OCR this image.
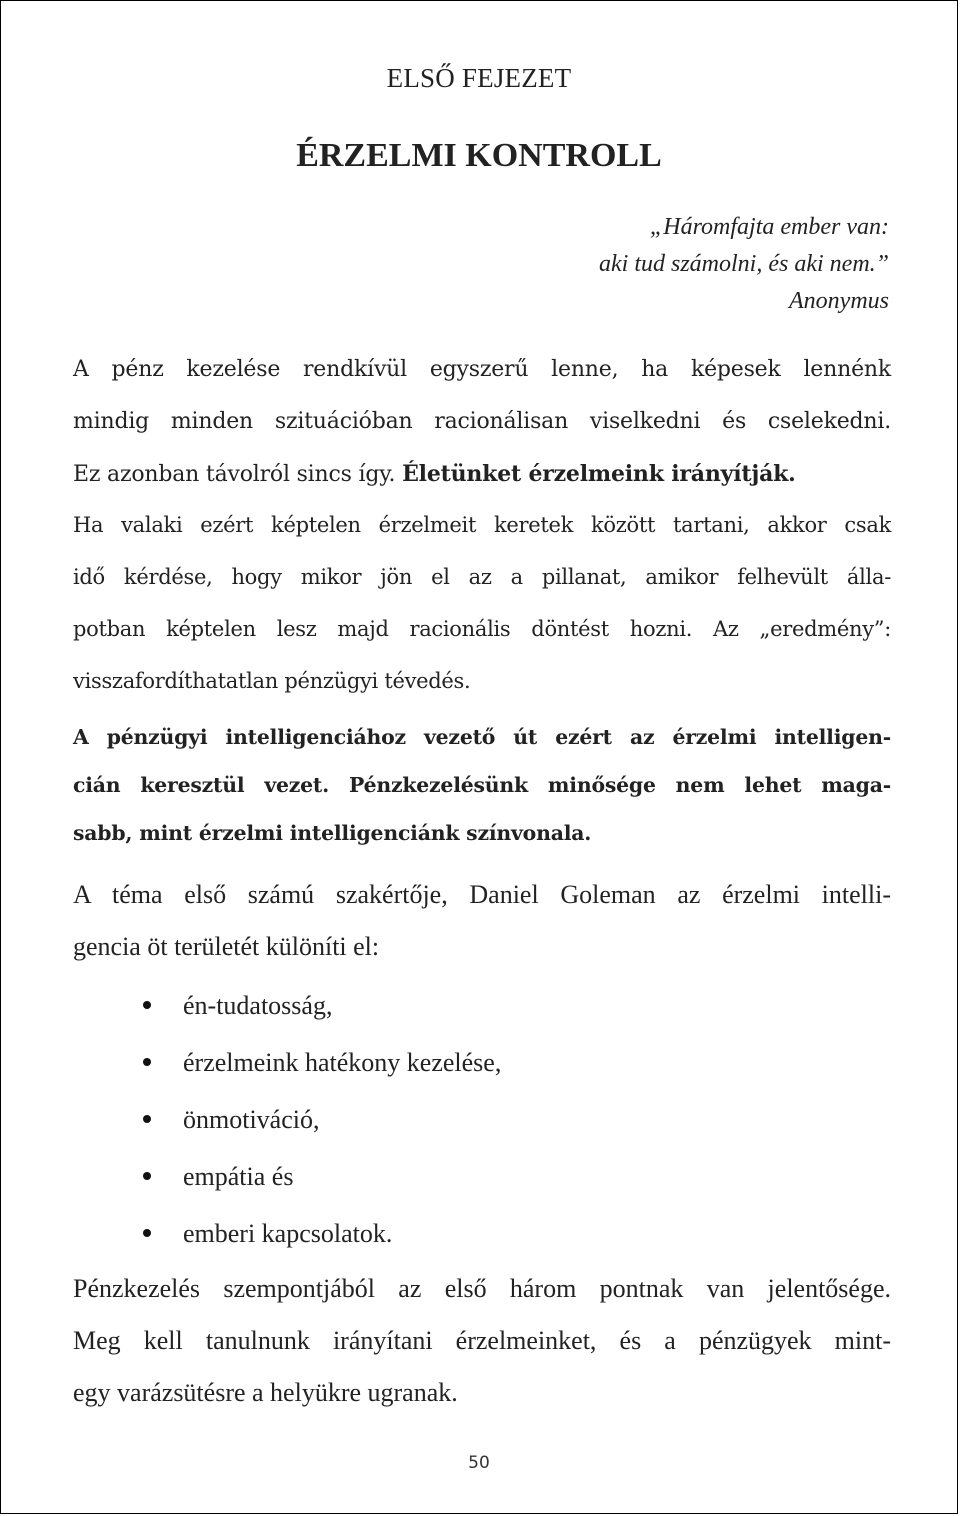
ELSŐ FEJEZET
ÉRZELMI KONTROLL
„Háromfajta ember van:
aki tud számolni, és aki nem.”
Anonymus
A pénz kezelése rendkívül egyszerű lenne, ha képesek lennénk
mindig minden szituációban racionálisan viselkedni és cselekedni.
Ez azonban távolról sincs így. Életünket érzelmeink irányítják.
Ha valaki ezért képtelen érzelmeit keretek között tartani, akkor csak
idő kérdése, hogy mikor jön el az a pillanat, amikor felhevült álla-
potban képtelen lesz majd racionális döntést hozni. Az „eredmény”:
visszafordíthatatlan pénzügyi tévedés.
A pénzügyi intelligenciához vezető út ezért az érzelmi intelligen-
cián keresztül vezet. Pénzkezelésünk minősége nem lehet maga-
sabb, mint érzelmi intelligenciánk színvonala.
A téma első számú szakértője, Daniel Goleman az érzelmi intelli-
gencia öt területét különíti el:
én-tudatosság,
érzelmeink hatékony kezelése,
önmotiváció,
empátia és
emberi kapcsolatok.
Pénzkezelés szempontjából az első három pontnak van jelentősége.
Meg kell tanulnunk irányítani érzelmeinket, és a pénzügyek mint-
egy varázsütésre a helyükre ugranak.
50
